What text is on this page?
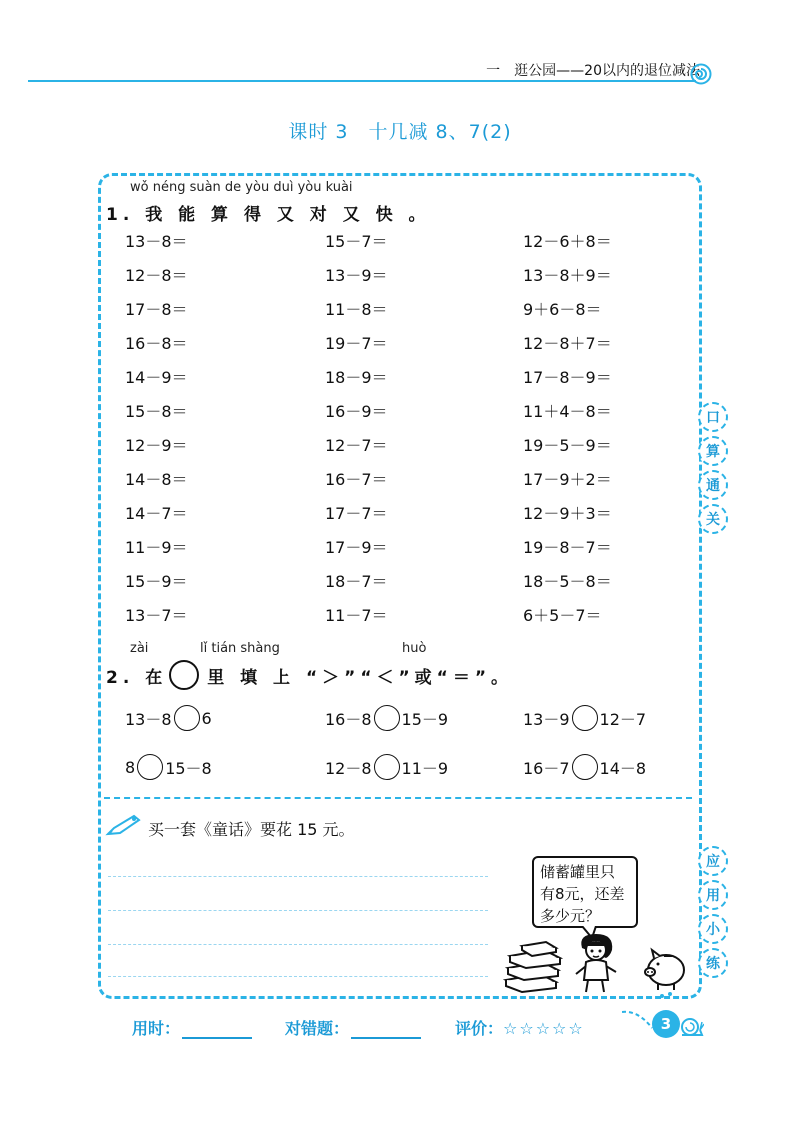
一　逛公园——20以内的退位减法
课时 3　十几减 8、7(2)
wǒ néng suàn de yòu duì yòu kuài
1. 我 能 算 得 又 对 又 快 。
13－8＝	15－7＝	12－6＋8＝
12－8＝	13－9＝	13－8＋9＝
17－8＝	11－8＝	9＋6－8＝
16－8＝	19－7＝	12－8＋7＝
14－9＝	18－9＝	17－8－9＝
15－8＝	16－9＝	11＋4－8＝
12－9＝	12－7＝	19－5－9＝
14－8＝	16－7＝	17－9＋2＝
14－7＝	17－7＝	12－9＋3＝
11－9＝	17－9＝	19－8－7＝
15－9＝	18－7＝	18－5－8＝
13－7＝	11－7＝	6＋5－7＝
zài	lǐ tián shàng	huò
2. 在 里 填 上 “＞”“＜”或“＝”。
13－8 6	16－8 15－9	13－9 12－7
8 15－8	12－8 11－9	16－7 14－8
口
算
通
关
应
用
小
练
买一套《童话》要花 15 元。
储蓄罐里只
有8元，还差
多少元？
用时：	对错题：	评价：☆☆☆☆☆	3
